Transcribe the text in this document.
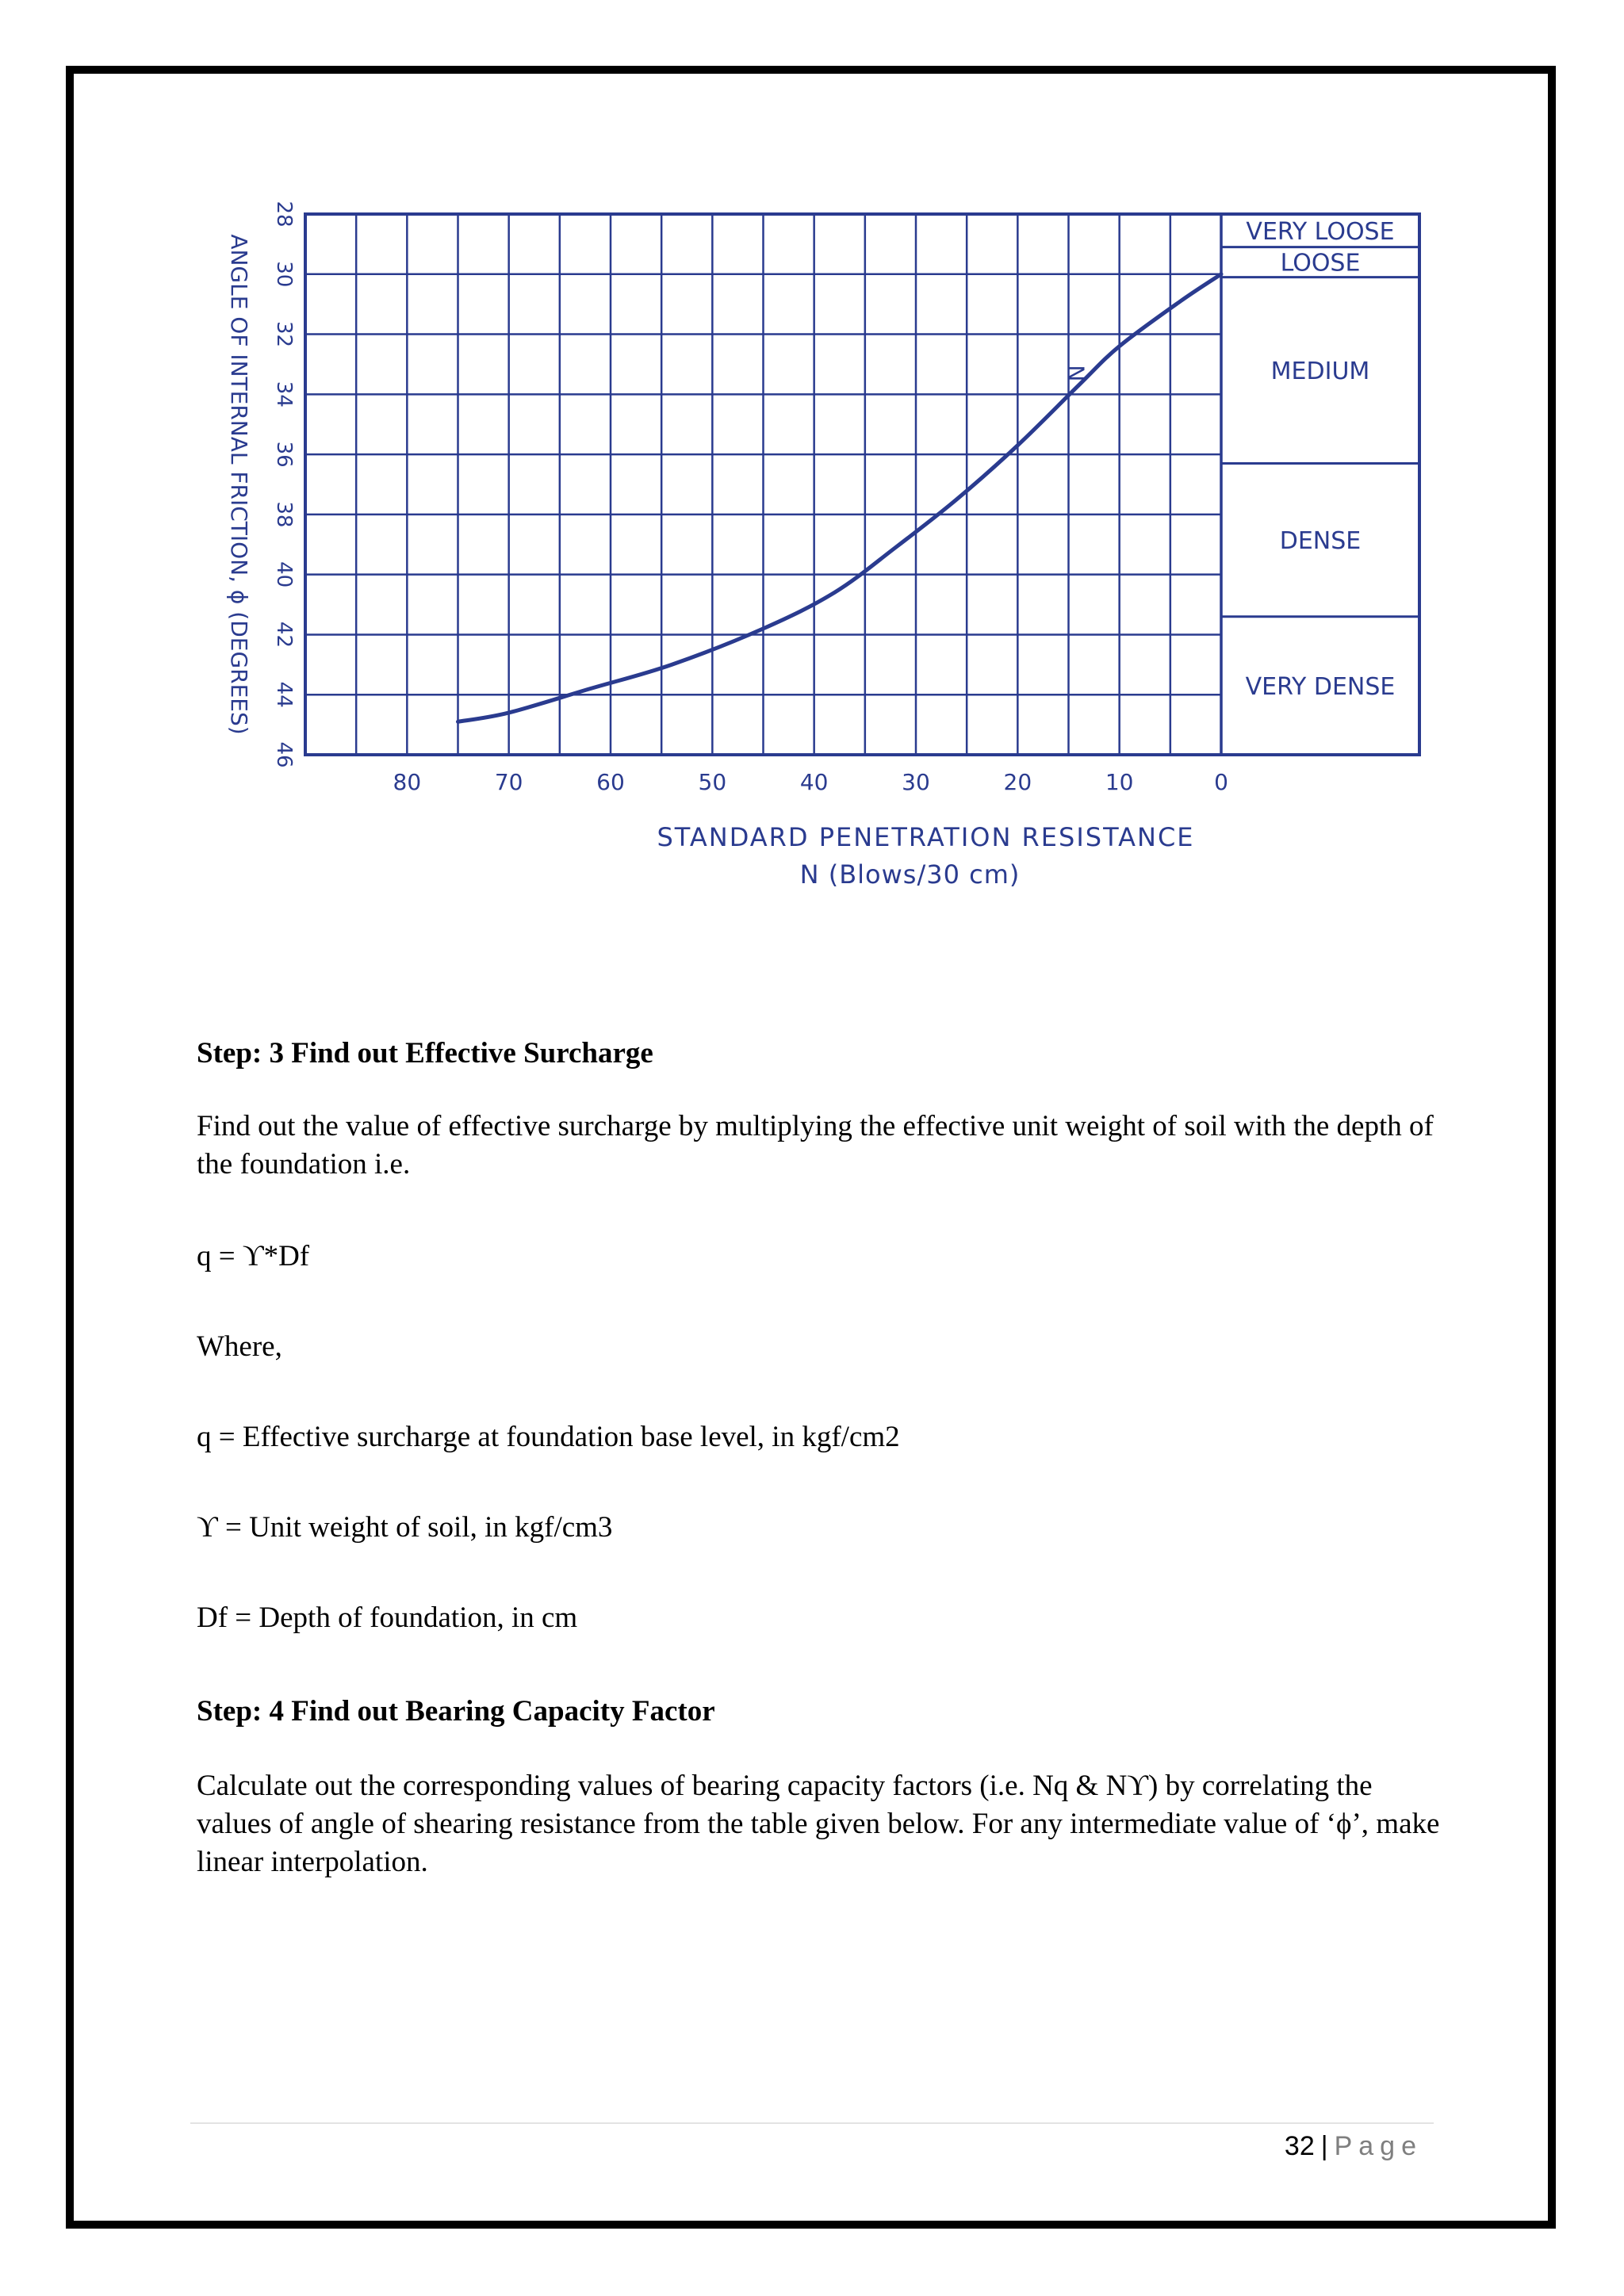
VERY LOOSE
LOOSE
MEDIUM
DENSE
VERY DENSE
80	70	60	50	40	30	20	10	0
28
30
32
34
36
38
40
42
44
46
ANGLE OF INTERNAL FRICTION, ϕ (DEGREES)
STANDARD PENETRATION RESISTANCE
N (Blows/30 cm)
N

Step: 3 Find out Effective Surcharge

Find out the value of effective surcharge by multiplying the effective unit weight of soil with the depth of the foundation i.e.

q = ϒ*Df

Where,

q = Effective surcharge at foundation base level, in kgf/cm2

ϒ = Unit weight of soil, in kgf/cm3

Df = Depth of foundation, in cm

Step: 4 Find out Bearing Capacity Factor

Calculate out the corresponding values of bearing capacity factors (i.e. Nq & Nϒ) by correlating the values of angle of shearing resistance from the table given below. For any intermediate value of ‘ϕ’, make linear interpolation.

32 | Page
